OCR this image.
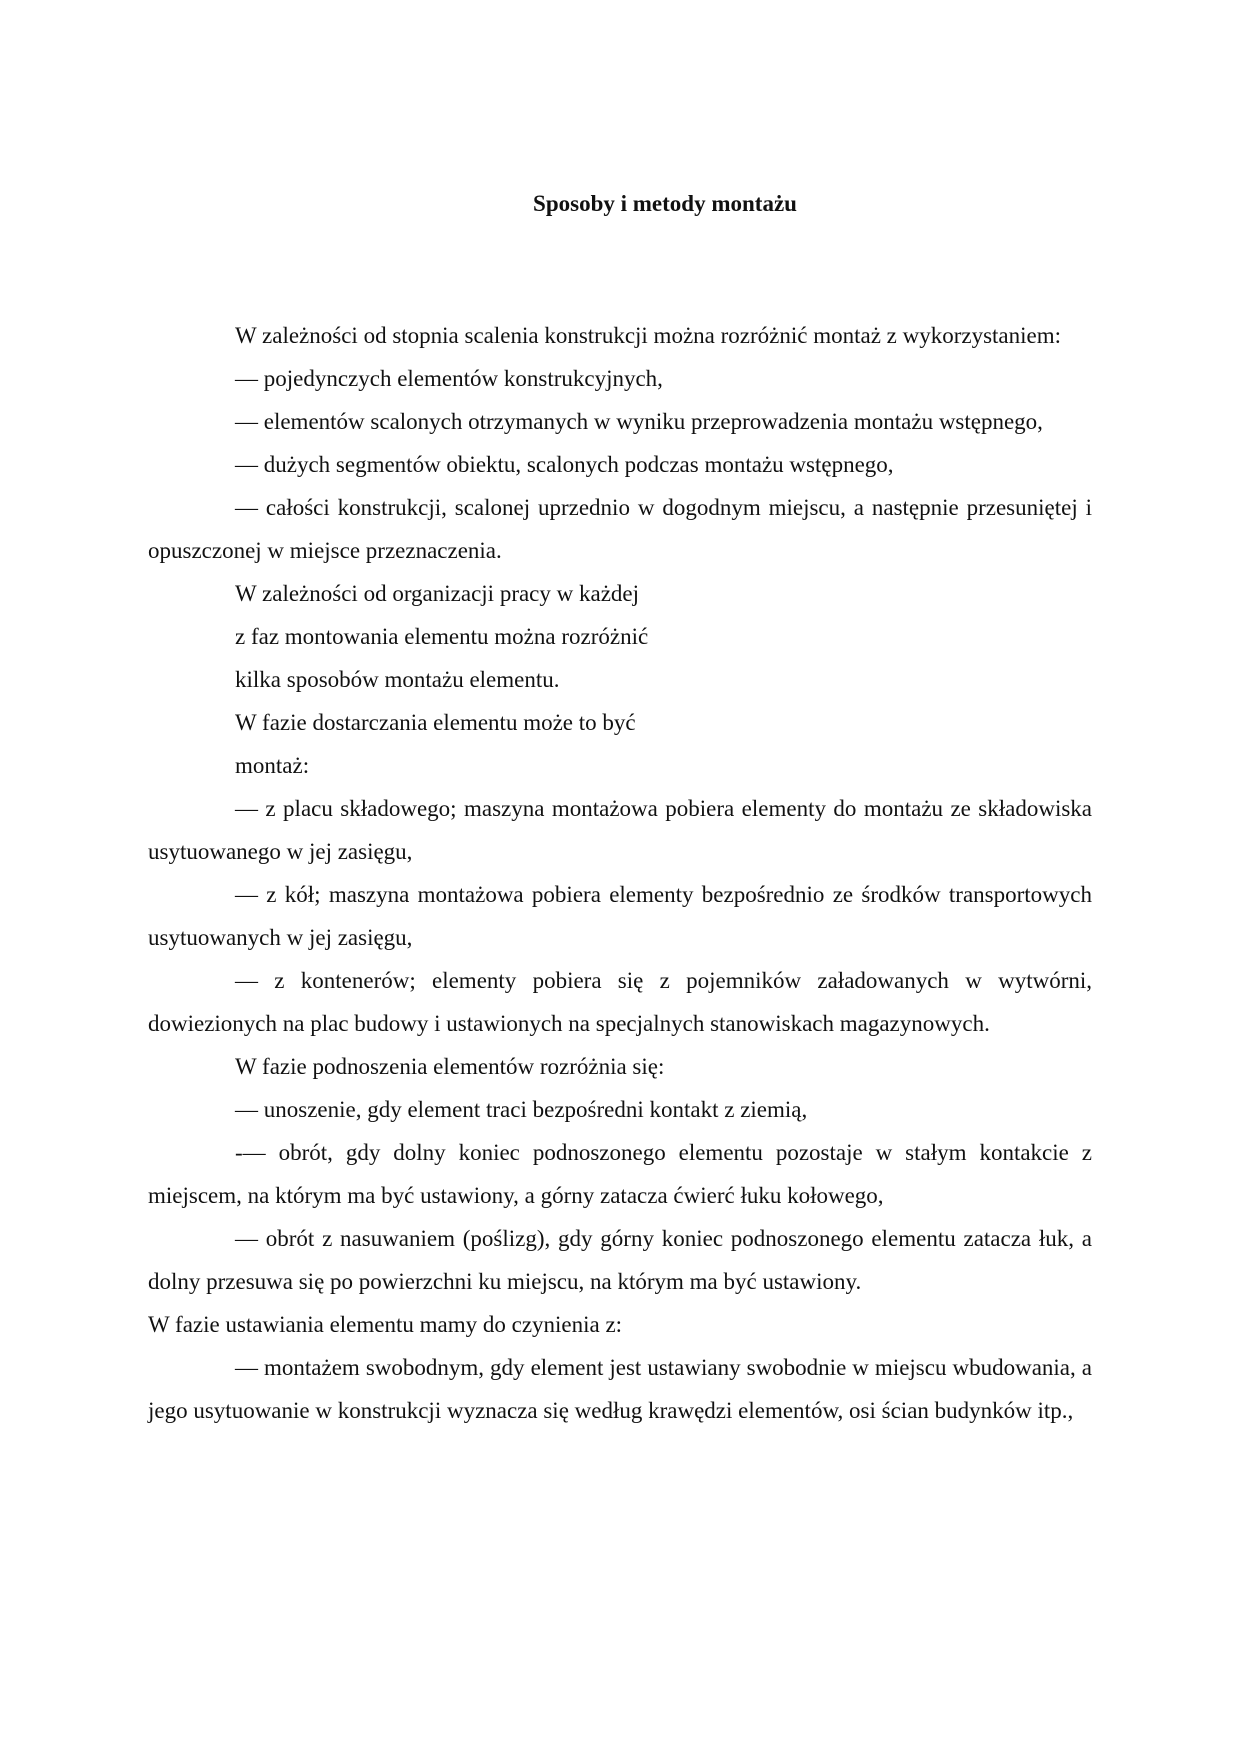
Sposoby i metody montażu

W zależności od stopnia scalenia konstrukcji można rozróżnić montaż z wykorzystaniem:

— pojedynczych elementów konstrukcyjnych,

— elementów scalonych otrzymanych w wyniku przeprowadzenia montażu wstępnego,

— dużych segmentów obiektu, scalonych podczas montażu wstępnego,

— całości konstrukcji, scalonej uprzednio w dogodnym miejscu, a następnie przesuniętej i opuszczonej w miejsce przeznaczenia.

W zależności od organizacji pracy w każdej

z faz montowania elementu można rozróżnić

kilka sposobów montażu elementu.

W fazie dostarczania elementu może to być

montaż:

— z placu składowego; maszyna montażowa pobiera elementy do montażu ze składowiska usytuowanego w jej zasięgu,

— z kół; maszyna montażowa pobiera elementy bezpośrednio ze środków transportowych usytuowanych w jej zasięgu,

— z kontenerów; elementy pobiera się z pojemników załadowanych w wytwórni, dowiezionych na plac budowy i ustawionych na specjalnych stanowiskach magazynowych.

W fazie podnoszenia elementów rozróżnia się:

— unoszenie, gdy element traci bezpośredni kontakt z ziemią,

-— obrót, gdy dolny koniec podnoszonego elementu pozostaje w stałym kontakcie z miejscem, na którym ma być ustawiony, a górny zatacza ćwierć łuku kołowego,

— obrót z nasuwaniem (poślizg), gdy górny koniec podnoszonego elementu zatacza łuk, a dolny przesuwa się po powierzchni ku miejscu, na którym ma być ustawiony.

W fazie ustawiania elementu mamy do czynienia z:

— montażem swobodnym, gdy element jest ustawiany swobodnie w miejscu wbudowania, a jego usytuowanie w konstrukcji wyznacza się według krawędzi elementów, osi ścian budynków itp.,
